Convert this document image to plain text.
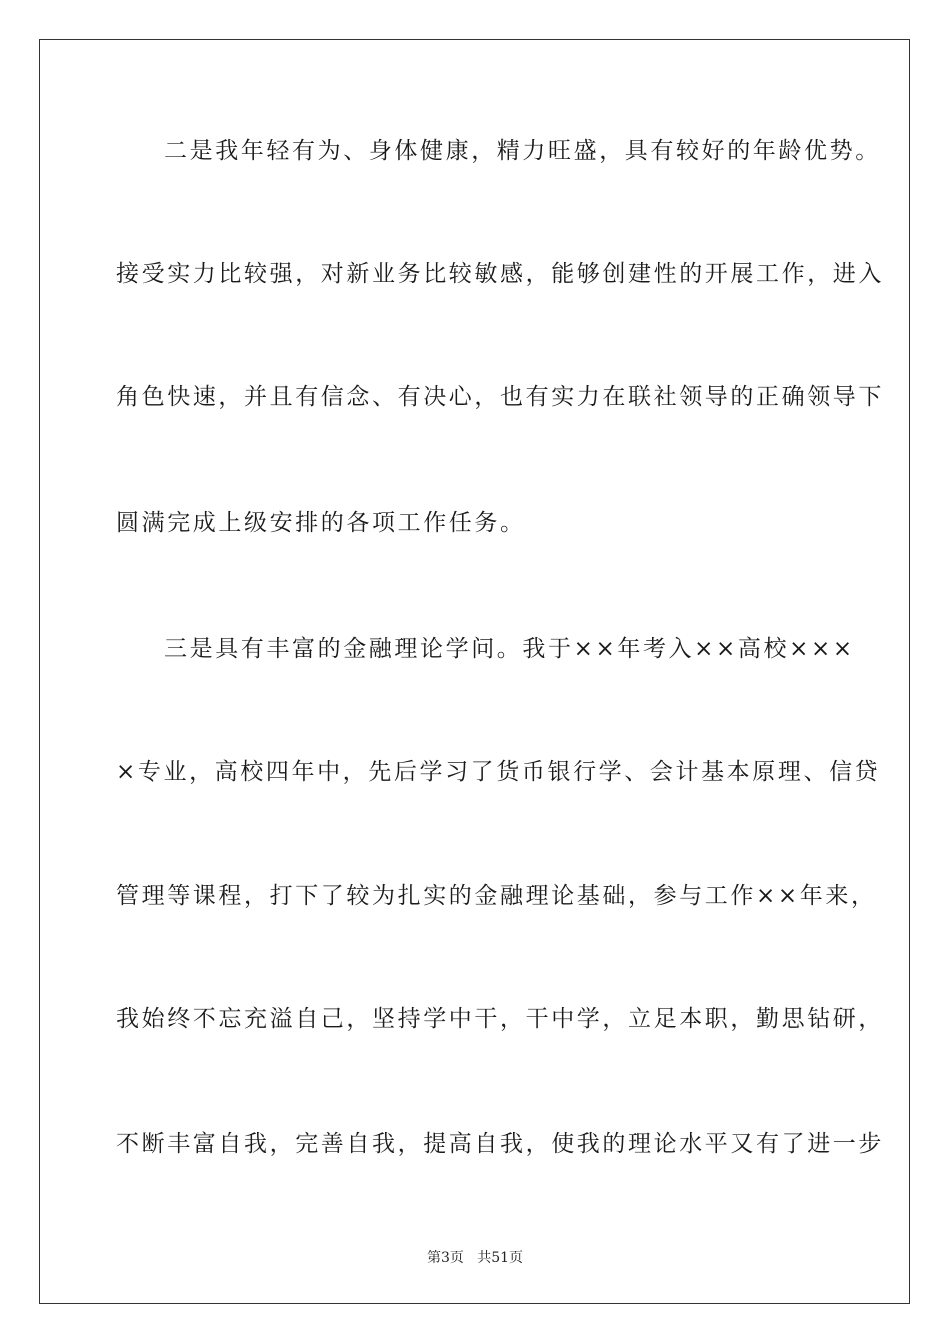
二是我年轻有为、身体健康，精力旺盛，具有较好的年龄优势。
接受实力比较强，对新业务比较敏感，能够创建性的开展工作，进入
角色快速，并且有信念、有决心，也有实力在联社领导的正确领导下
圆满完成上级安排的各项工作任务。
三是具有丰富的金融理论学问。我于××年考入××高校×××
×专业，高校四年中，先后学习了货币银行学、会计基本原理、信贷
管理等课程，打下了较为扎实的金融理论基础，参与工作××年来，
我始终不忘充溢自己，坚持学中干，干中学，立足本职，勤思钻研，
不断丰富自我，完善自我，提高自我，使我的理论水平又有了进一步
第3页   共51页
